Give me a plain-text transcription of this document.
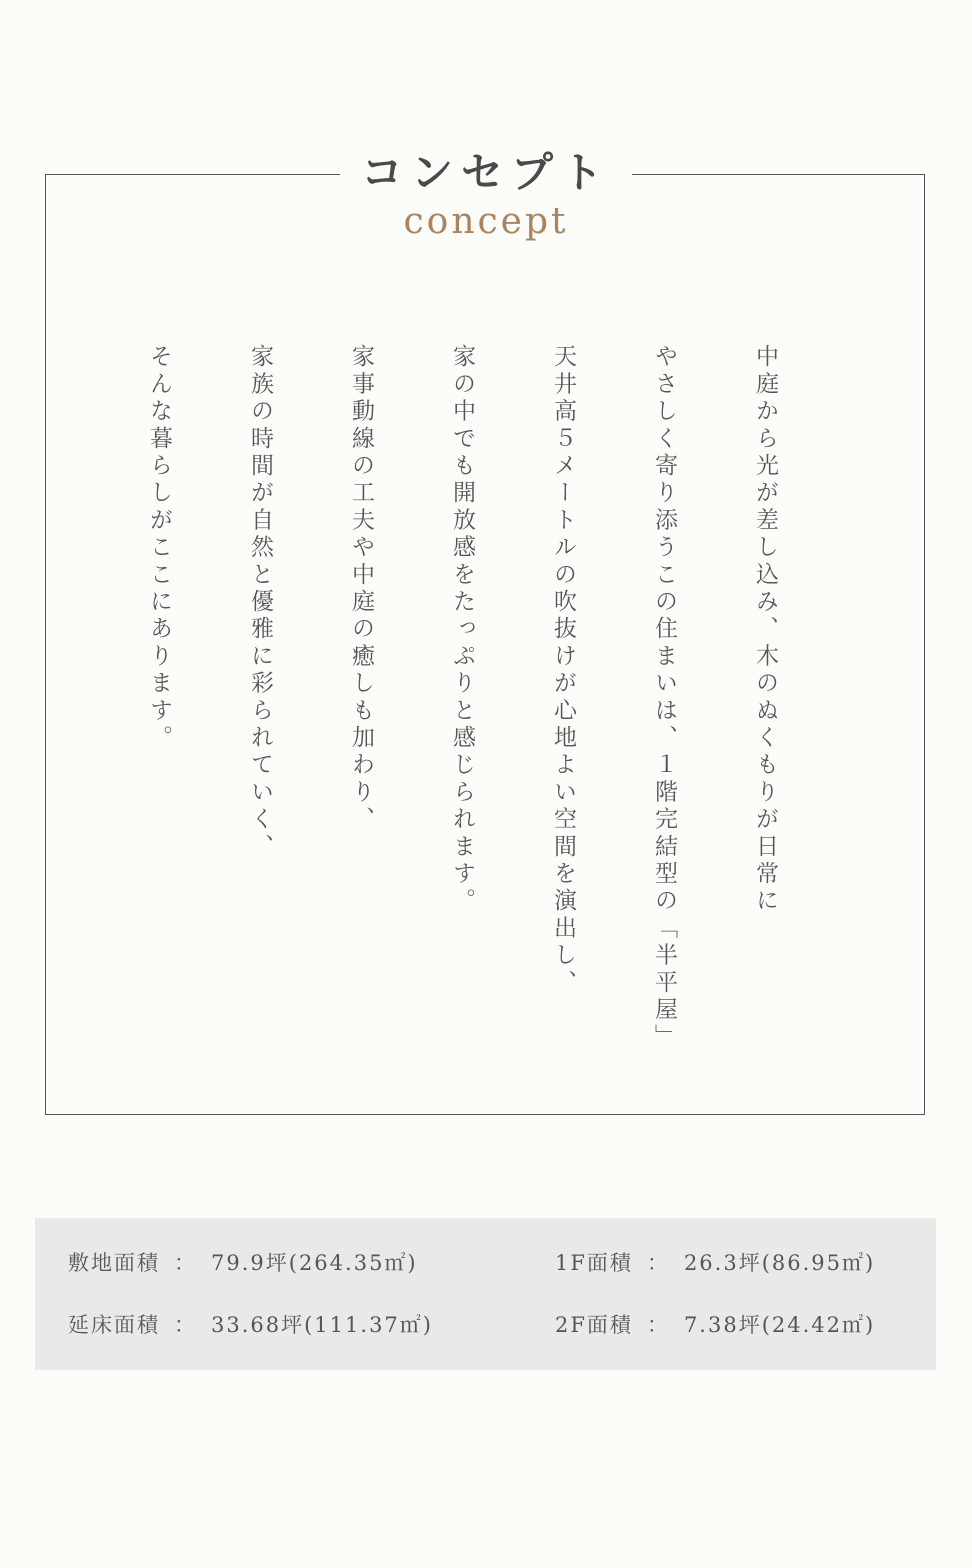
コンセプト
concept
中庭から光が差し込み、木のぬくもりが日常に
やさしく寄り添うこの住まいは、１階完結型の「半平屋」
天井高５メートルの吹抜けが心地よい空間を演出し、
家の中でも開放感をたっぷりと感じられます。
家事動線の工夫や中庭の癒しも加わり、
家族の時間が自然と優雅に彩られていく、
そんな暮らしがここにあります。
敷地面積 ： 79.9坪(264.35㎡)	1F面積 ： 26.3坪(86.95㎡)
延床面積 ： 33.68坪(111.37㎡)	2F面積 ： 7.38坪(24.42㎡)
